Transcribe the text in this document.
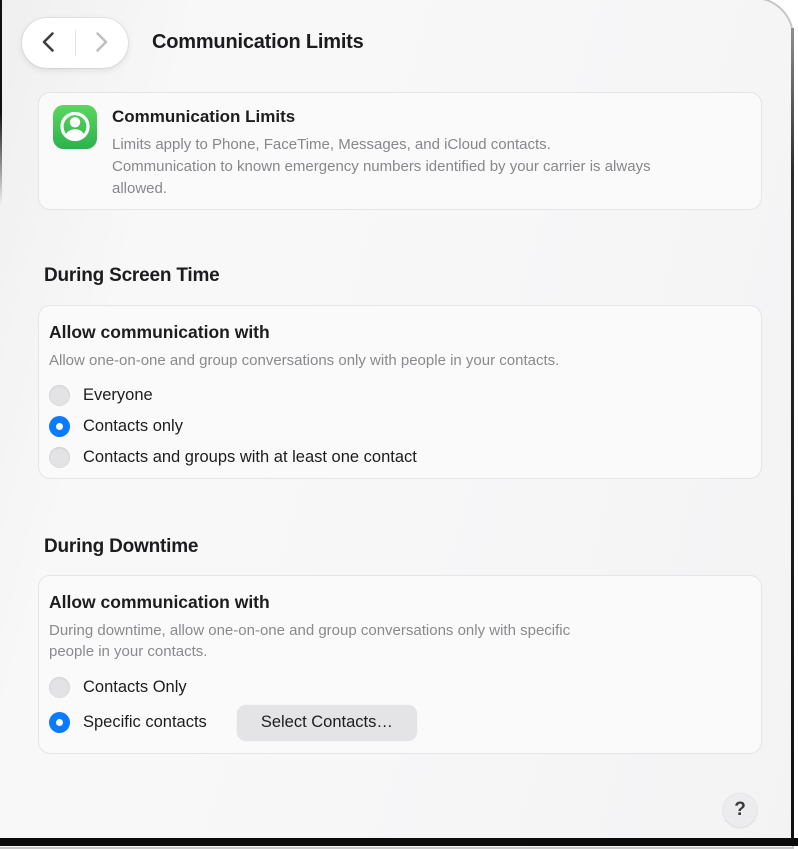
Communication Limits
Communication Limits
Limits apply to Phone, FaceTime, Messages, and iCloud contacts. Communication to known emergency numbers identified by your carrier is always allowed.
During Screen Time
Allow communication with
Allow one-on-one and group conversations only with people in your contacts.
Everyone
Contacts only
Contacts and groups with at least one contact
During Downtime
Allow communication with
During downtime, allow one-on-one and group conversations only with specific people in your contacts.
Contacts Only
Specific contacts	Select Contacts…
?
